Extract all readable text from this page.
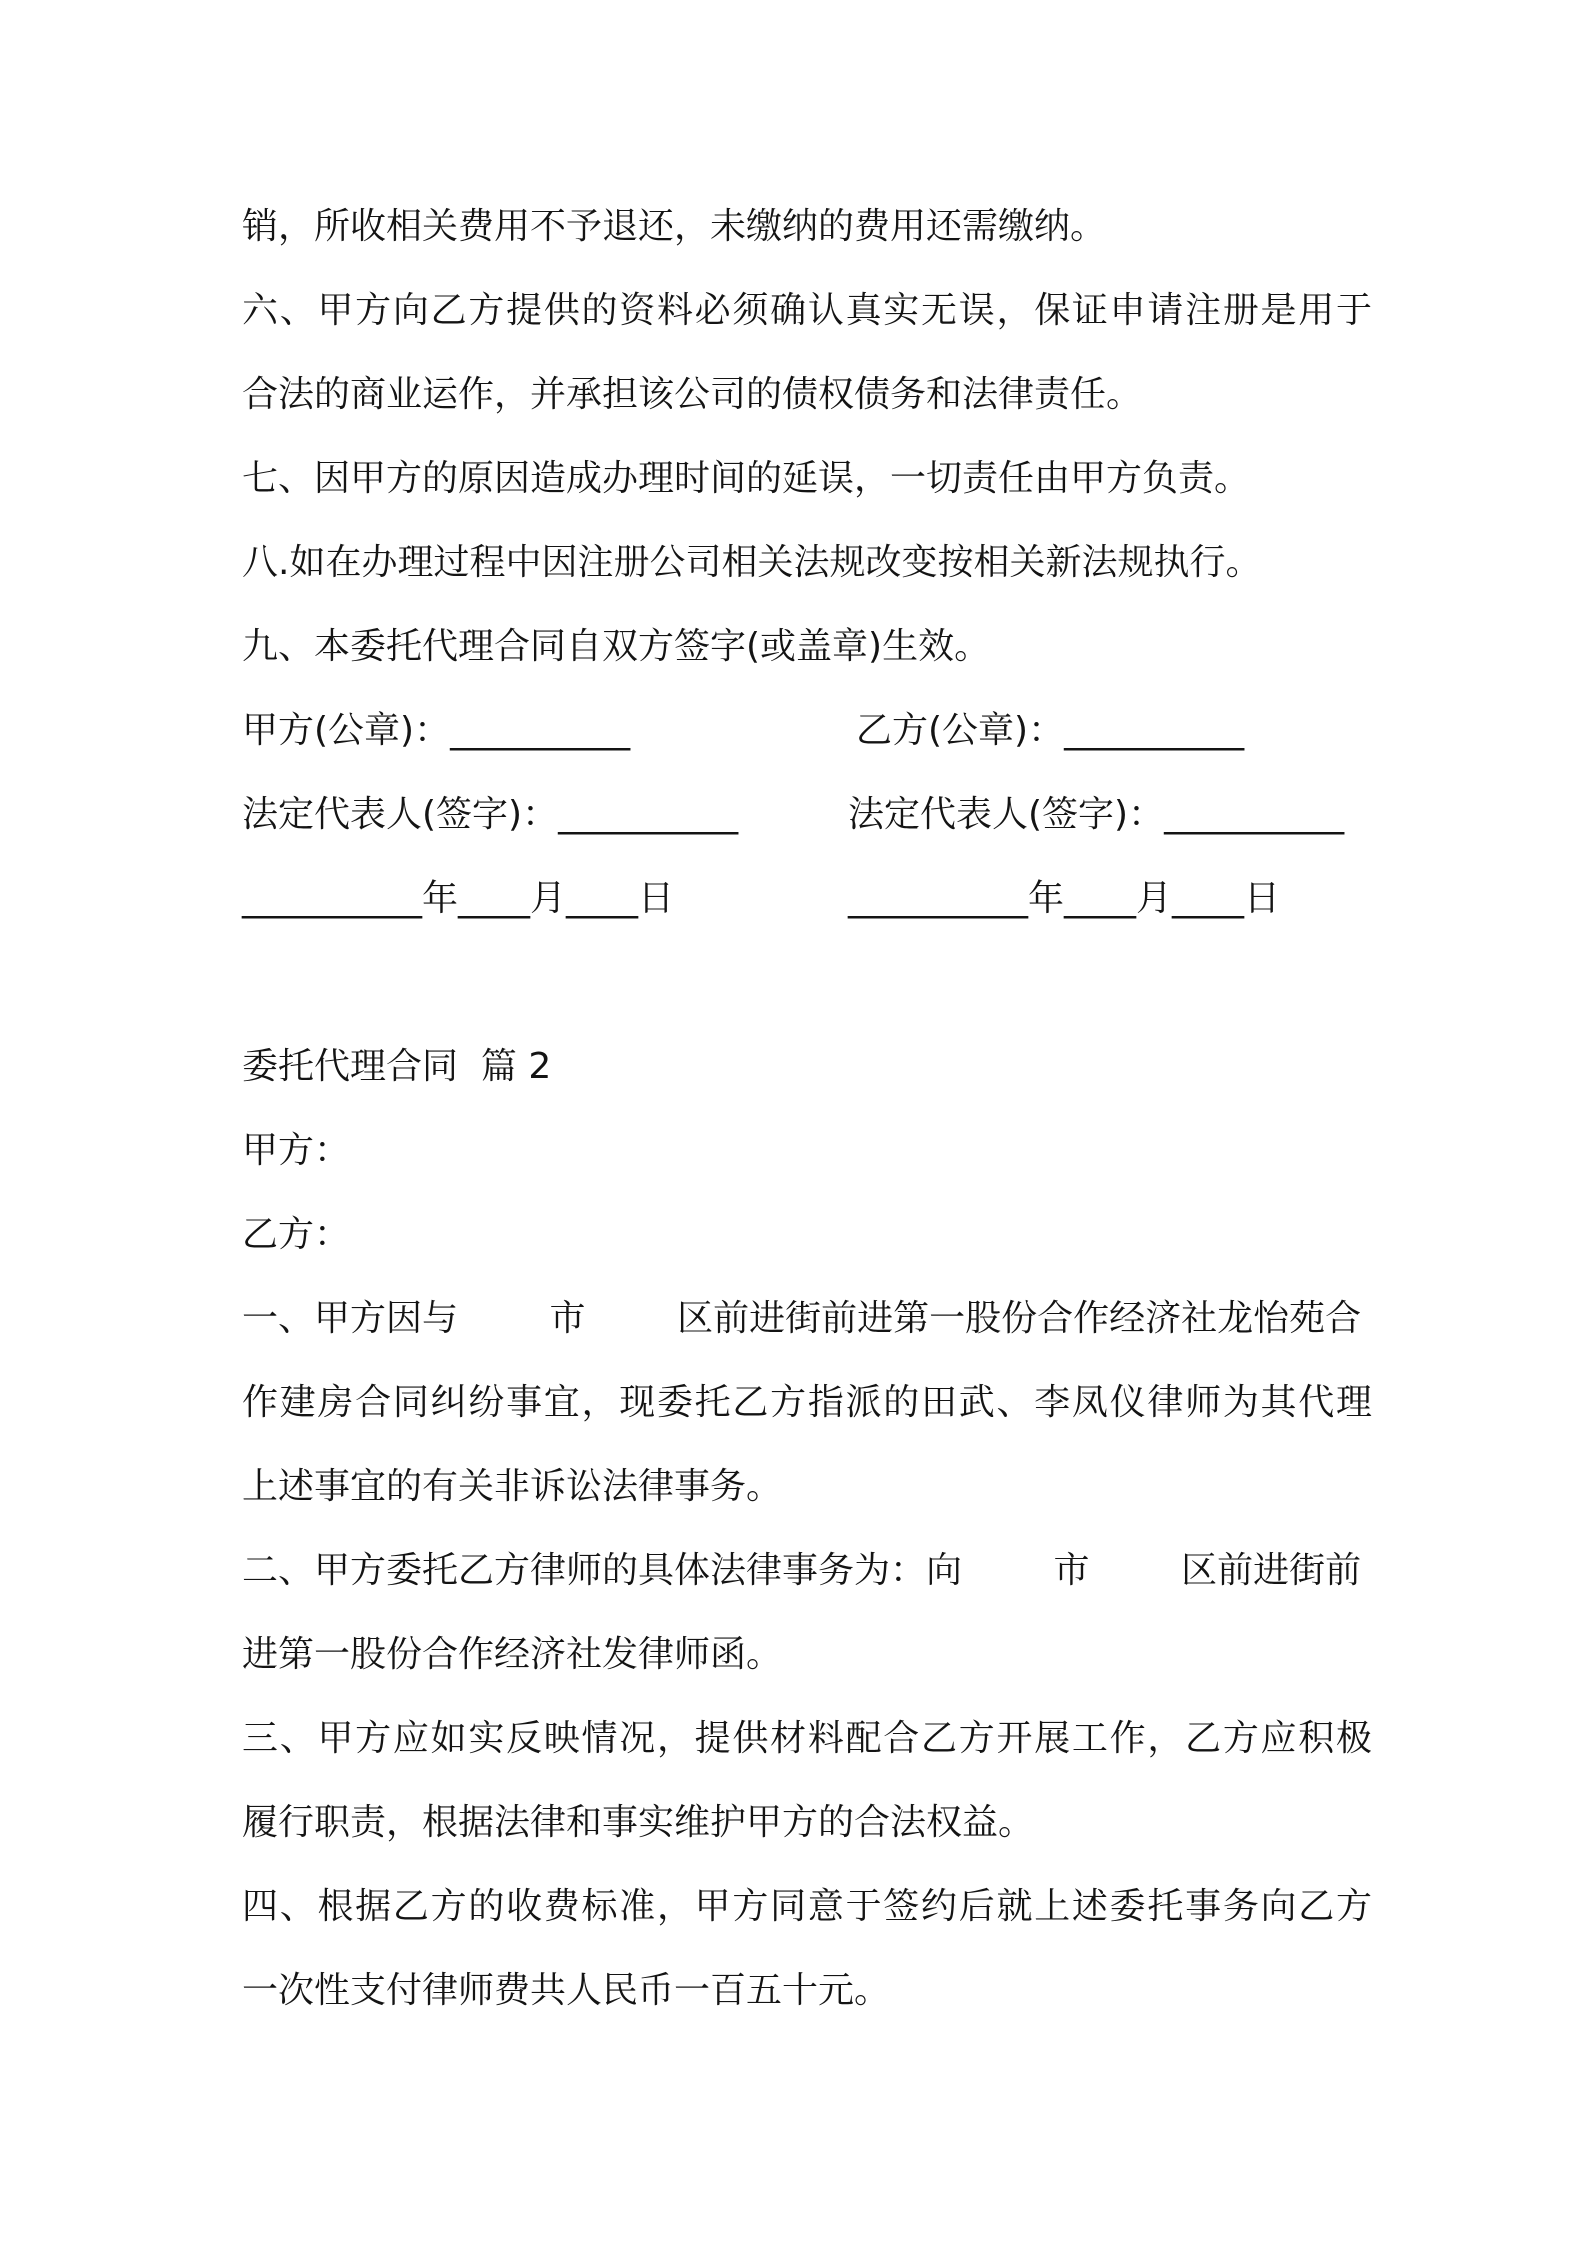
销，所收相关费用不予退还，未缴纳的费用还需缴纳。
六、甲方向乙方提供的资料必须确认真实无误，保证申请注册是用于
合法的商业运作，并承担该公司的债权债务和法律责任。
七、因甲方的原因造成办理时间的延误，一切责任由甲方负责。
八.如在办理过程中因注册公司相关法规改变按相关新法规执行。
九、本委托代理合同自双方签字(或盖章)生效。
甲方(公章)：__________	乙方(公章)：__________
法定代表人(签字)：__________	法定代表人(签字)：__________
__________年____月____日	__________年____月____日
委托代理合同  篇 2
甲方：
乙方：
一、甲方因与        市        区前进街前进第一股份合作经济社龙怡苑合
作建房合同纠纷事宜，现委托乙方指派的田武、李凤仪律师为其代理
上述事宜的有关非诉讼法律事务。
二、甲方委托乙方律师的具体法律事务为：向        市        区前进街前
进第一股份合作经济社发律师函。
三、甲方应如实反映情况，提供材料配合乙方开展工作，乙方应积极
履行职责，根据法律和事实维护甲方的合法权益。
四、根据乙方的收费标准，甲方同意于签约后就上述委托事务向乙方
一次性支付律师费共人民币一百五十元。
